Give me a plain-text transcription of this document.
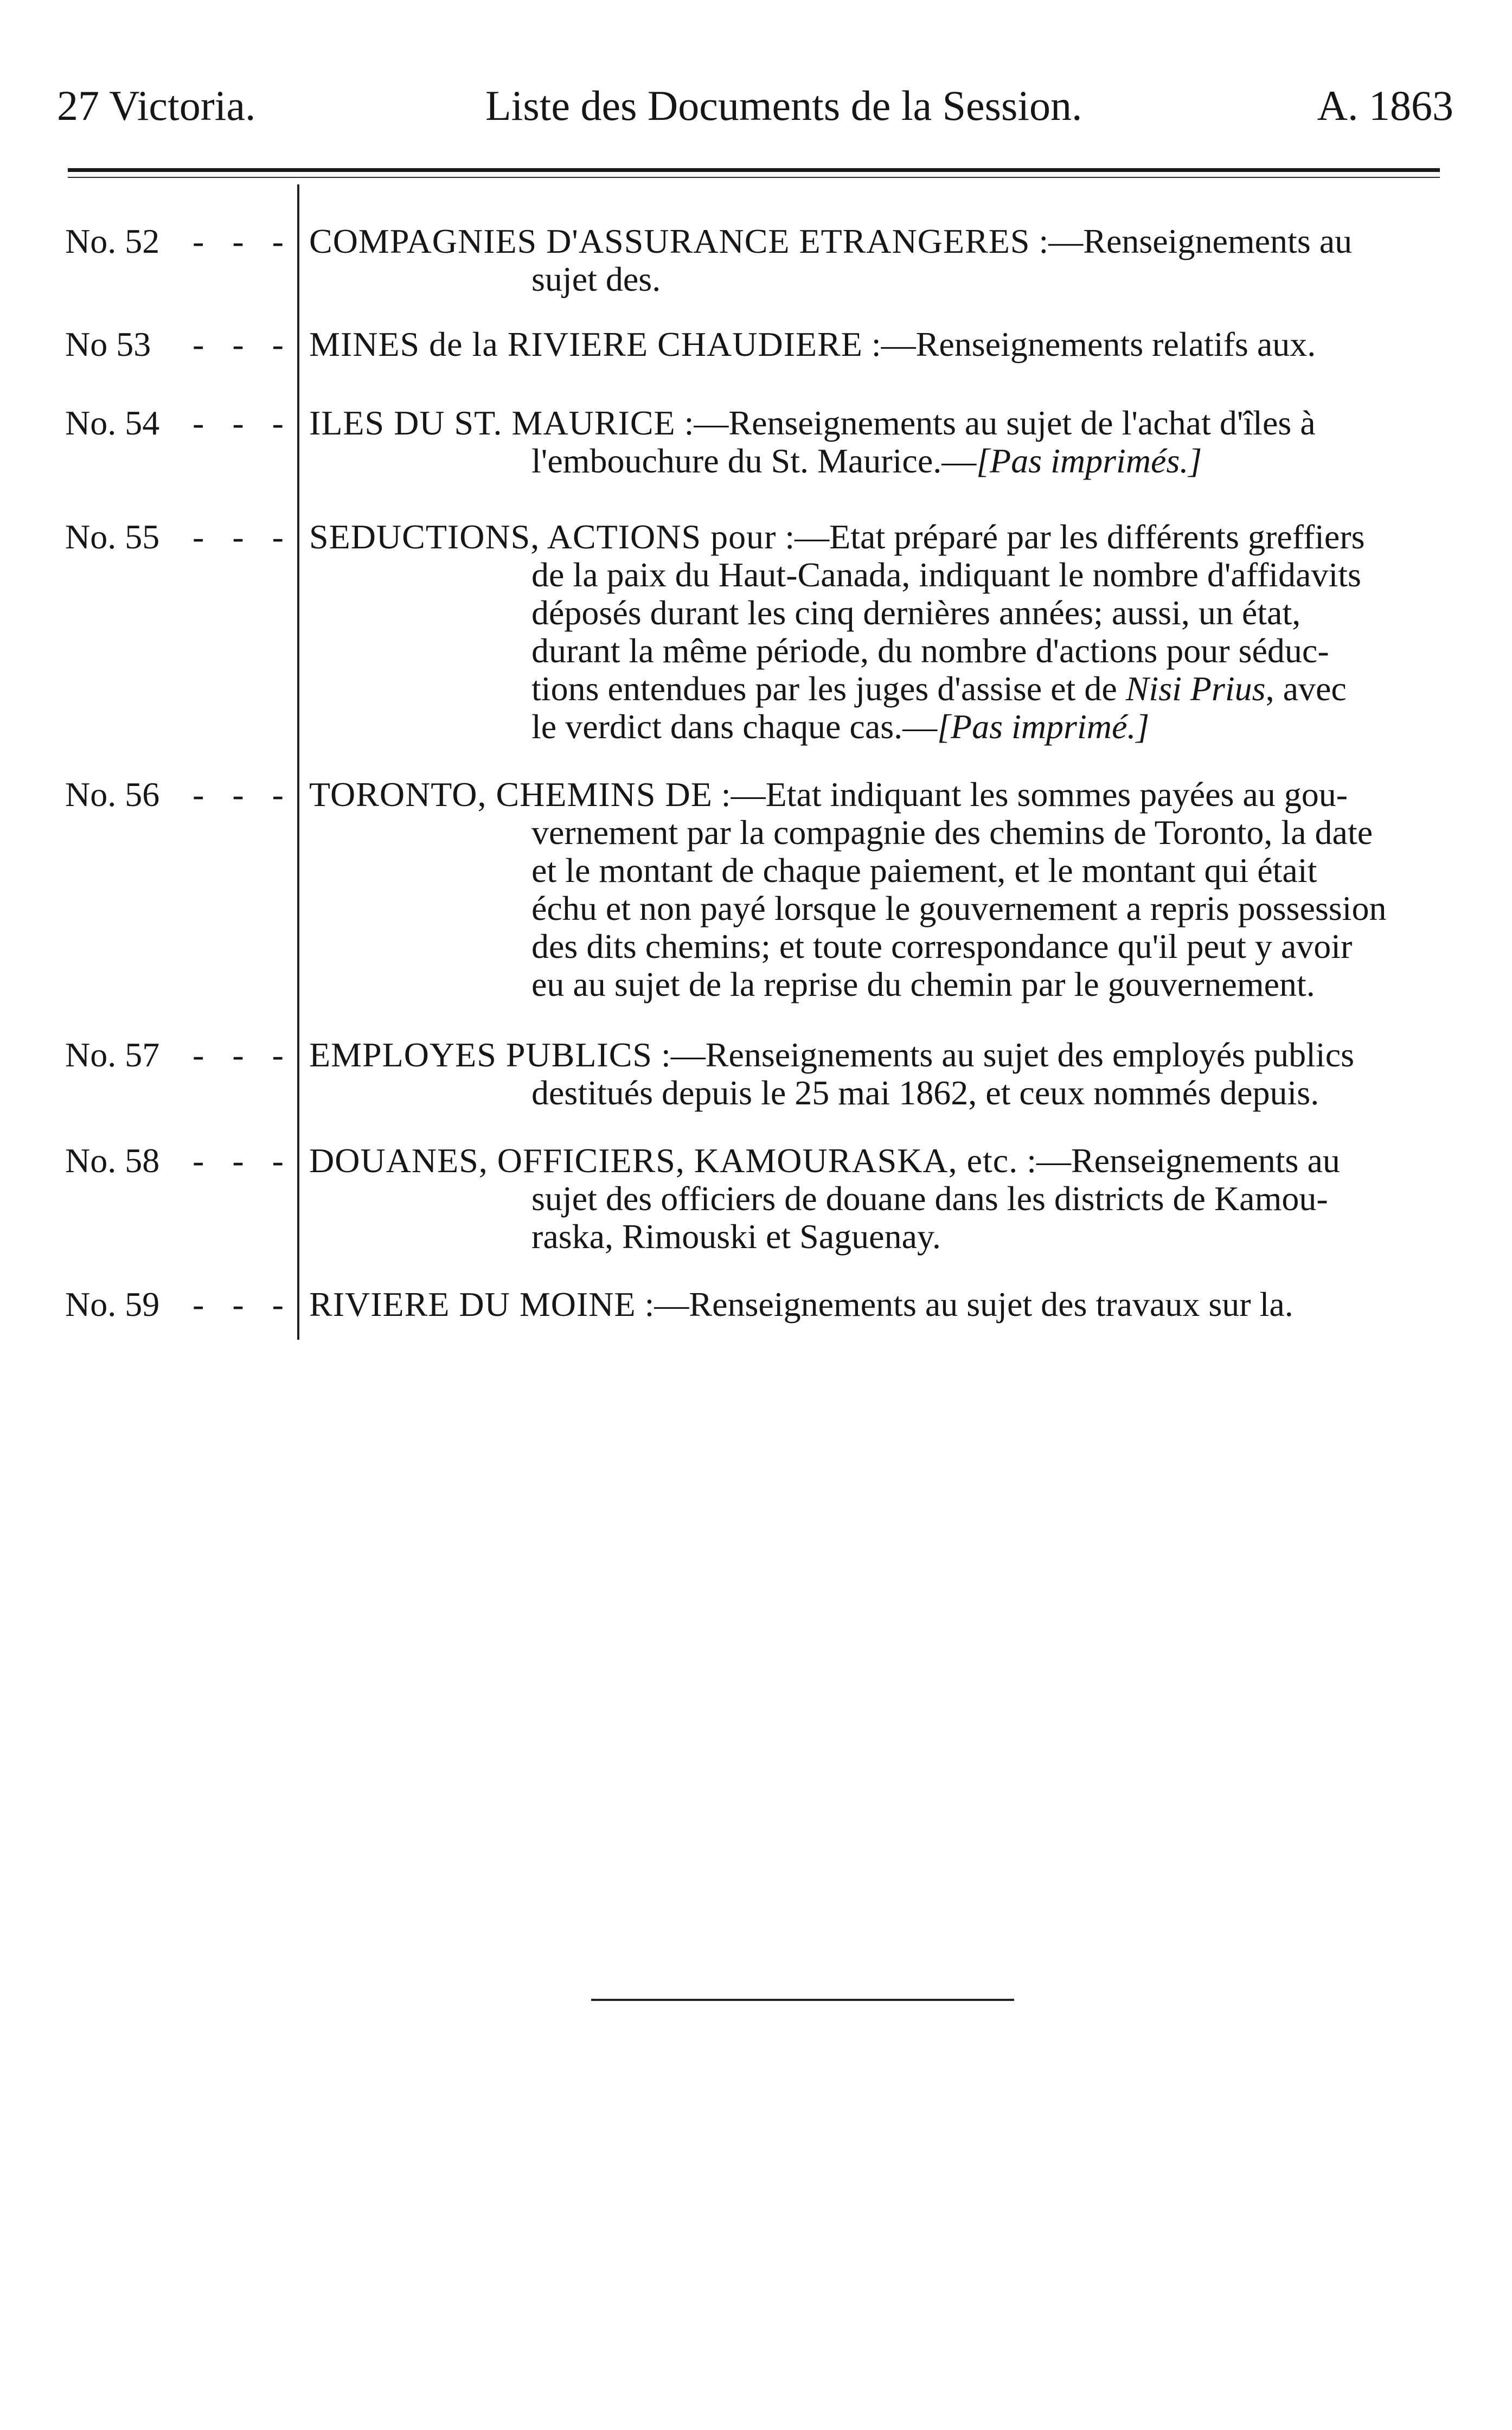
27 Victoria.	Liste des Documents de la Session.	A. 1863
No. 52 - - - COMPAGNIES D'ASSURANCE ETRANGERES :—Renseignements au
sujet des.
No 53	- - - MINES de la RIVIERE CHAUDIERE :—Renseignements relatifs aux.
No. 54 - - - ILES DU ST. MAURICE :—Renseignements au sujet de l'achat d'îles à
l'embouchure du St. Maurice.—[Pas imprimés.]
No. 55 - - - SEDUCTIONS, ACTIONS pour :—Etat préparé par les différents greffiers
de la paix du Haut-Canada, indiquant le nombre d'affidavits
déposés durant les cinq dernières années; aussi, un état,
durant la même période, du nombre d'actions pour séduc-
tions entendues par les juges d'assise et de Nisi Prius, avec
le verdict dans chaque cas.—[Pas imprimé.]
No. 56 - - - TORONTO, CHEMINS DE :—Etat indiquant les sommes payées au gou-
vernement par la compagnie des chemins de Toronto, la date
et le montant de chaque paiement, et le montant qui était
échu et non payé lorsque le gouvernement a repris possession
des dits chemins; et toute correspondance qu'il peut y avoir
eu au sujet de la reprise du chemin par le gouvernement.
No. 57 - - - EMPLOYES PUBLICS :—Renseignements au sujet des employés publics
destitués depuis le 25 mai 1862, et ceux nommés depuis.
No. 58 - - - DOUANES, OFFICIERS, KAMOURASKA, etc. :—Renseignements au
sujet des officiers de douane dans les districts de Kamou-
raska, Rimouski et Saguenay.
No. 59 - - - RIVIERE DU MOINE :—Renseignements au sujet des travaux sur la.
